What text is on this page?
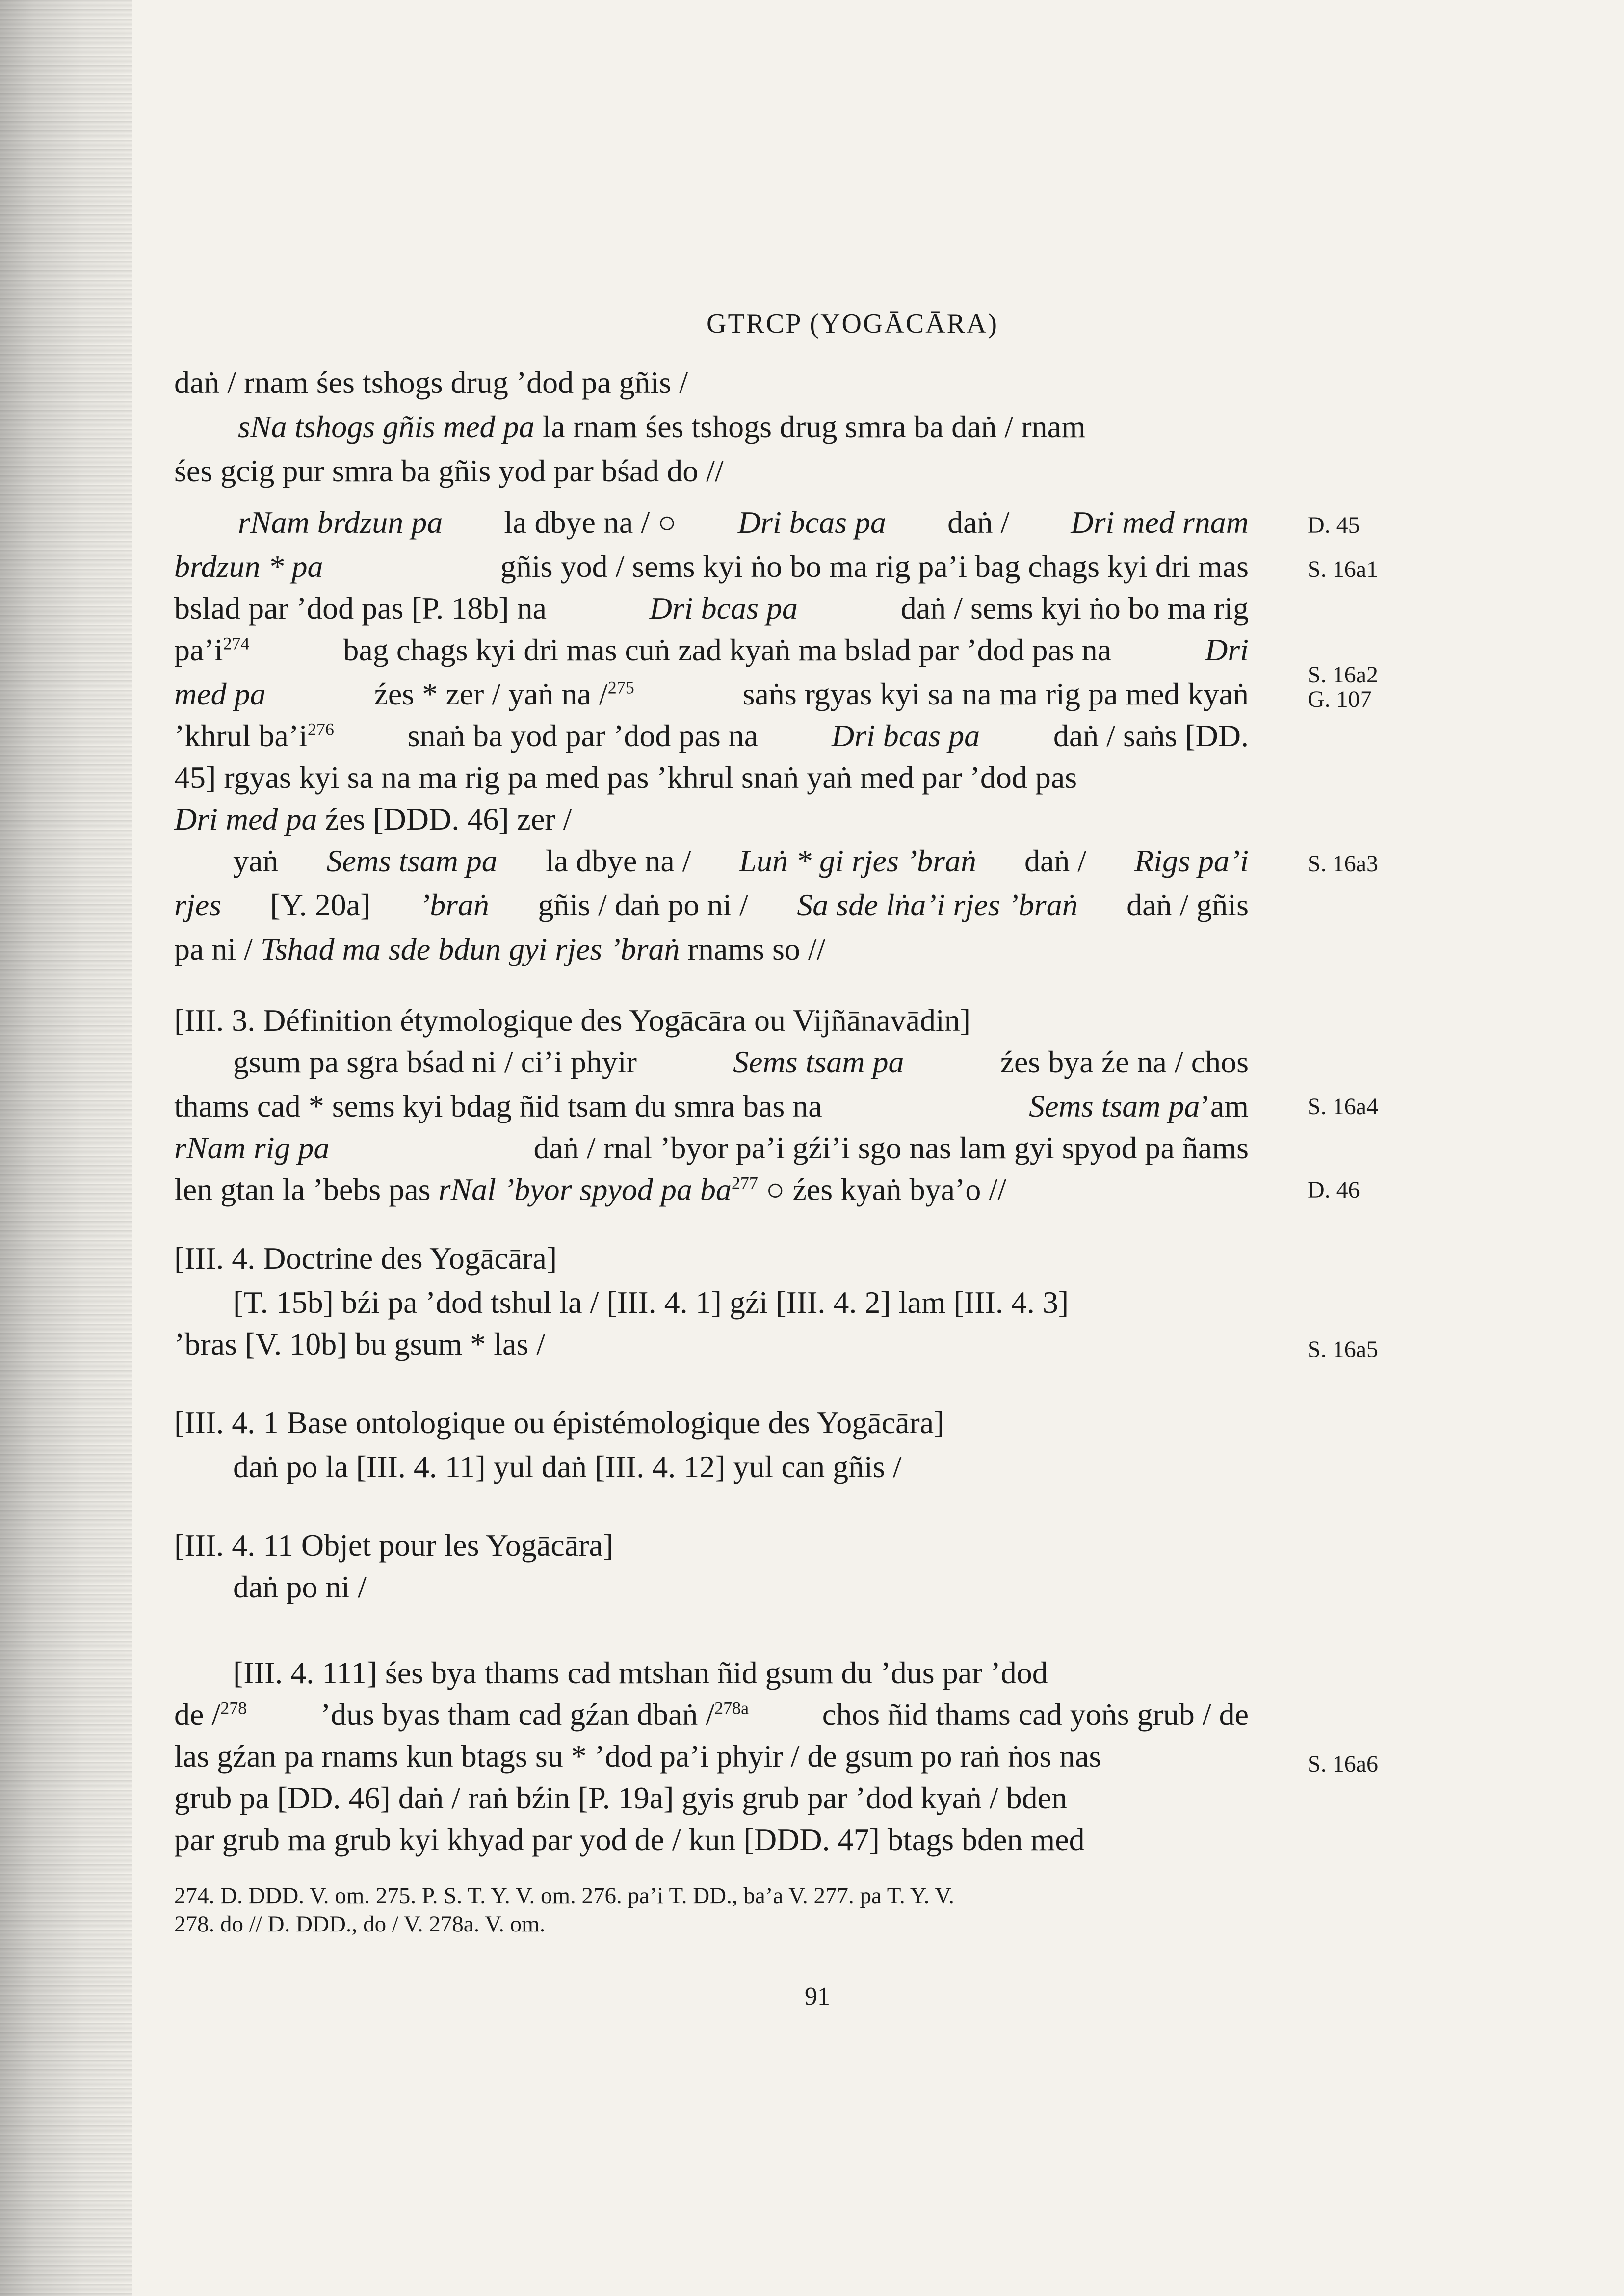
GTRCP (YOGĀCĀRA)
daṅ / rnam śes tshogs drug ’dod pa gñis /
sNa tshogs gñis med pa la rnam śes tshogs drug smra ba daṅ / rnam
śes gcig pur smra ba gñis yod par bśad do //
rNam brdzun pa la dbye na / ○ Dri bcas pa daṅ / Dri med rnam
brdzun * pa	gñis yod / sems kyi ṅo bo ma rig pa’i bag chags kyi dri mas
bslad par ’dod pas [P. 18b] na	Dri bcas pa	daṅ / sems kyi ṅo bo ma rig
$pa’i^{274}$	bag chags kyi dri mas cuṅ zad kyaṅ ma bslad par ’dod pas na	Dri
med pa	źes * zer / yaṅ na /$^{275}$	saṅs rgyas kyi sa na ma rig pa med kyaṅ
’khrul $ba’i^{276}$ snaṅ ba yod par ’dod pas na Dri bcas pa daṅ / saṅs [DD.
45] rgyas kyi sa na ma rig pa med pas ’khrul snaṅ yaṅ med par ’dod pas
Dri med pa źes [DDD. 46] zer /
yaṅ Sems tsam pa la dbye na / Luṅ * gi rjes ’braṅ daṅ / Rigs pa’i
rjes [Y. 20a] ’braṅ gñis / daṅ po ni / Sa sde lṅa’i rjes ’braṅ daṅ / gñis
pa ni / Tshad ma sde bdun gyi rjes ’braṅ rnams so //
[III. 3. Définition étymologique des Yogācāra ou Vijñānavādin]
gsum pa sgra bśad ni / ci’i phyir	Sems tsam pa	źes bya źe na / chos
thams cad * sems kyi bdag ñid tsam du smra bas na	Sems tsam pa’am
rNam rig pa	daṅ / rnal ’byor pa’i gźi’i sgo nas lam gyi spyod pa ñams
len gtan la ’bebs pas rNal ’byor spyod pa $ba^{277}$ ○ źes kyaṅ bya’o //
[III. 4. Doctrine des Yogācāra]
[T. 15b] bźi pa ’dod tshul la / [III. 4. 1] gźi [III. 4. 2] lam [III. 4. 3]
’bras [V. 10b] bu gsum * las /
[III. 4. 1 Base ontologique ou épistémologique des Yogācāra]
daṅ po la [III. 4. 11] yul daṅ [III. 4. 12] yul can gñis /
[III. 4. 11 Objet pour les Yogācāra]
daṅ po ni /
[III. 4. 111] śes bya thams cad mtshan ñid gsum du ’dus par ’dod
de /$^{278}$ ’dus byas tham cad gźan dbaṅ /$^{278a}$ chos ñid thams cad yoṅs grub / de
las gźan pa rnams kun btags su * ’dod pa’i phyir / de gsum po raṅ ṅos nas
grub pa [DD. 46] daṅ / raṅ bźin [P. 19a] gyis grub par ’dod kyaṅ / bden
par grub ma grub kyi khyad par yod de / kun [DDD. 47] btags bden med
D. 45
S. 16a1
S. 16a2
G. 107
S. 16a3
S. 16a4
D. 46
S. 16a5
S. 16a6
274. D. DDD. V. om. 275. P. S. T. Y. V. om. 276. pa’i T. DD., ba’a V. 277. pa T. Y. V.
278. do // D. DDD., do / V. 278a. V. om.
91
